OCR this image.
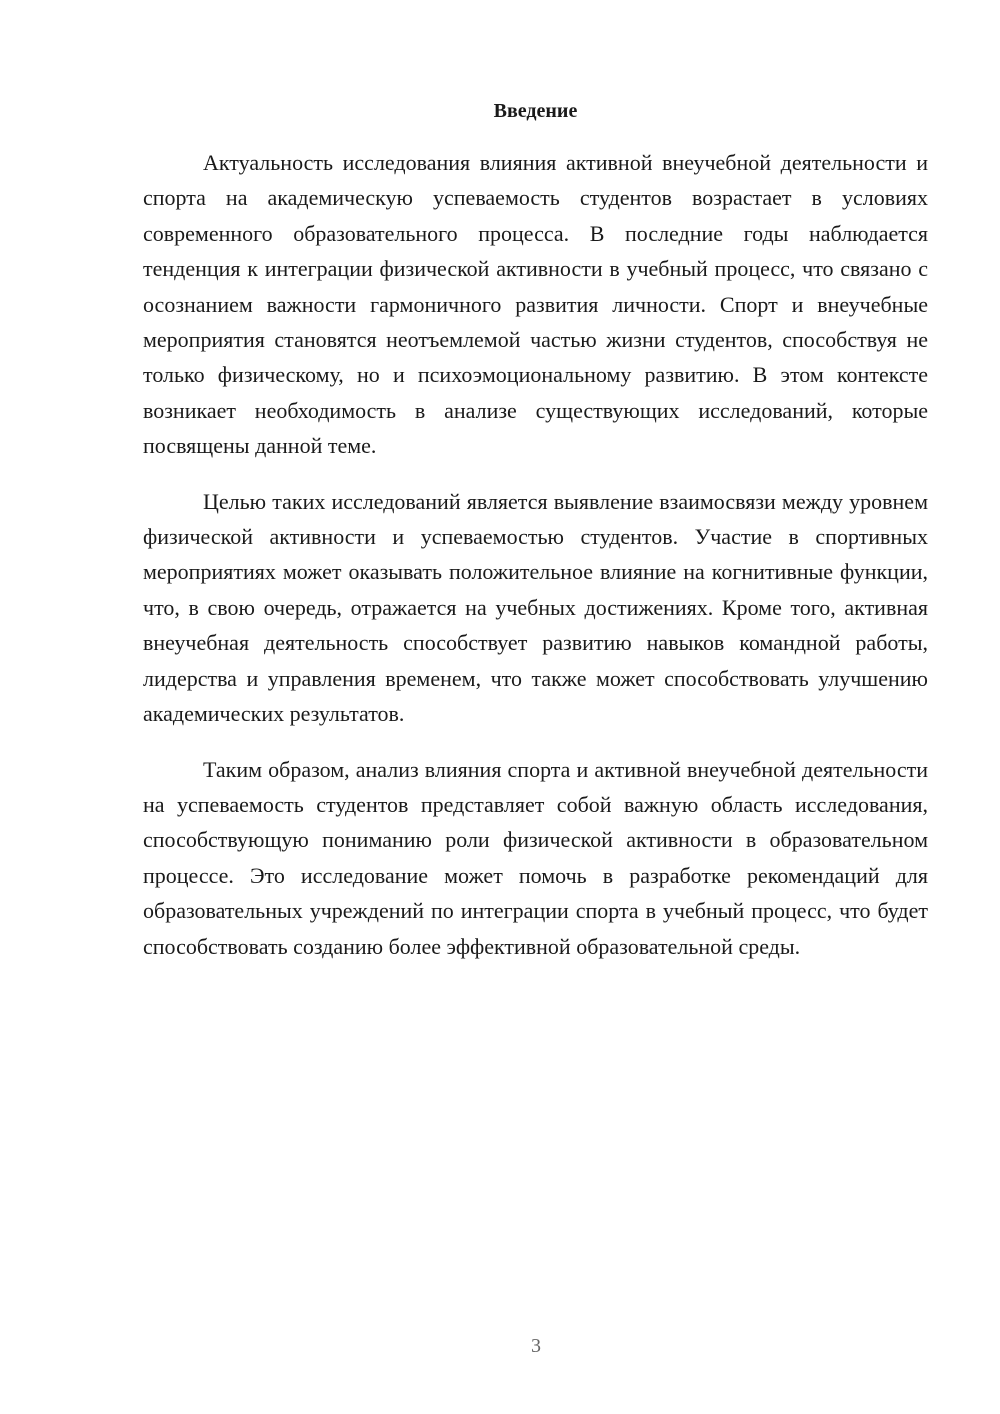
Введение

Актуальность исследования влияния активной внеучебной деятельности и спорта на академическую успеваемость студентов возрастает в условиях современного образовательного процесса. В последние годы наблюдается тенденция к интеграции физической активности в учебный процесс, что связано с осознанием важности гармоничного развития личности. Спорт и внеучебные мероприятия становятся неотъемлемой частью жизни студентов, способствуя не только физическому, но и психоэмоциональному развитию. В этом контексте возникает необходимость в анализе существующих исследований, которые посвящены данной теме.

Целью таких исследований является выявление взаимосвязи между уровнем физической активности и успеваемостью студентов. Участие в спортивных мероприятиях может оказывать положительное влияние на когнитивные функции, что, в свою очередь, отражается на учебных достижениях. Кроме того, активная внеучебная деятельность способствует развитию навыков командной работы, лидерства и управления временем, что также может способствовать улучшению академических результатов.

Таким образом, анализ влияния спорта и активной внеучебной деятельности на успеваемость студентов представляет собой важную область исследования, способствующую пониманию роли физической активности в образовательном процессе. Это исследование может помочь в разработке рекомендаций для образовательных учреждений по интеграции спорта в учебный процесс, что будет способствовать созданию более эффективной образовательной среды.

3
